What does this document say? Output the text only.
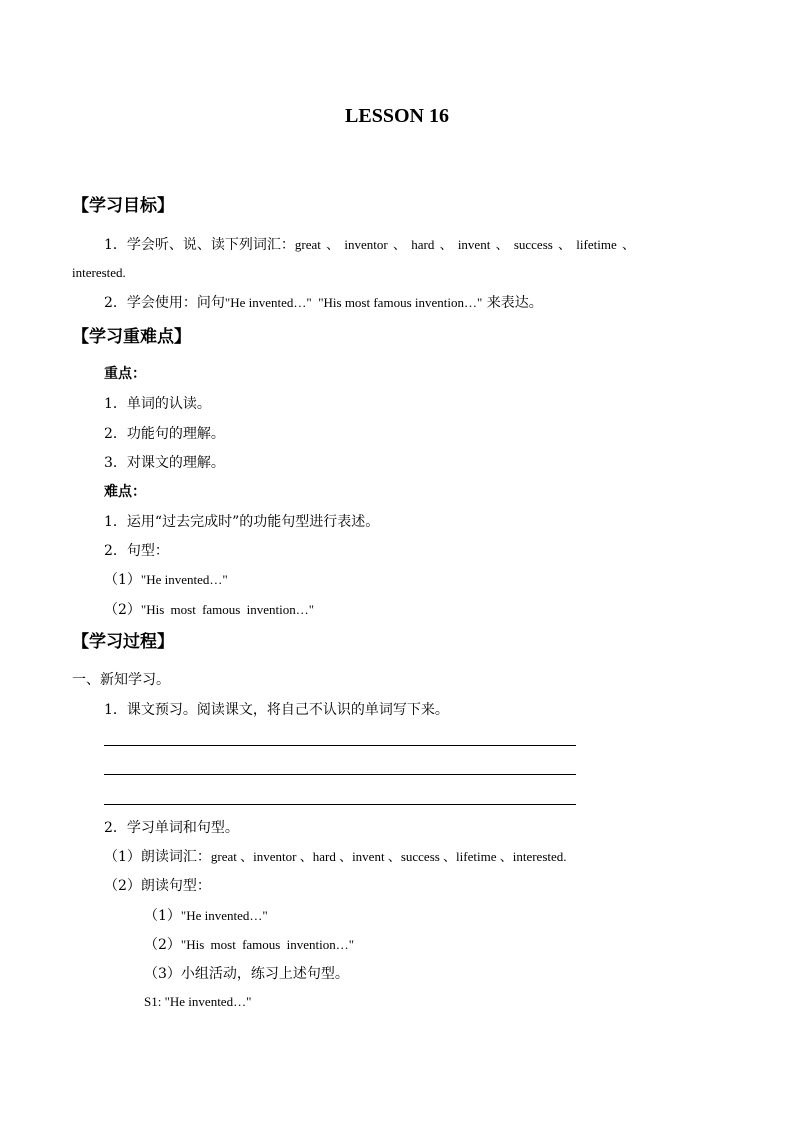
LESSON 16
【学习目标】
1．学会听、说、读下列词汇：great 、 inventor 、 hard 、 invent 、 success 、 lifetime 、
interested.
2．学会使用：问句"He invented…"  "His most famous invention…" 来表达。
【学习重难点】
重点：
1．单词的认读。
2．功能句的理解。
3．对课文的理解。
难点：
1．运用“过去完成时”的功能句型进行表述。
2．句型：
（1）"He invented…"
（2）"His most famous invention…"
【学习过程】
一、新知学习。
1．课文预习。阅读课文，将自己不认识的单词写下来。
2．学习单词和句型。
（1）朗读词汇：great 、inventor 、hard 、invent 、success 、lifetime 、interested.
（2）朗读句型：
（1）"He invented…"
（2）"His most famous invention…"
（3）小组活动，练习上述句型。
S1: "He invented…"
